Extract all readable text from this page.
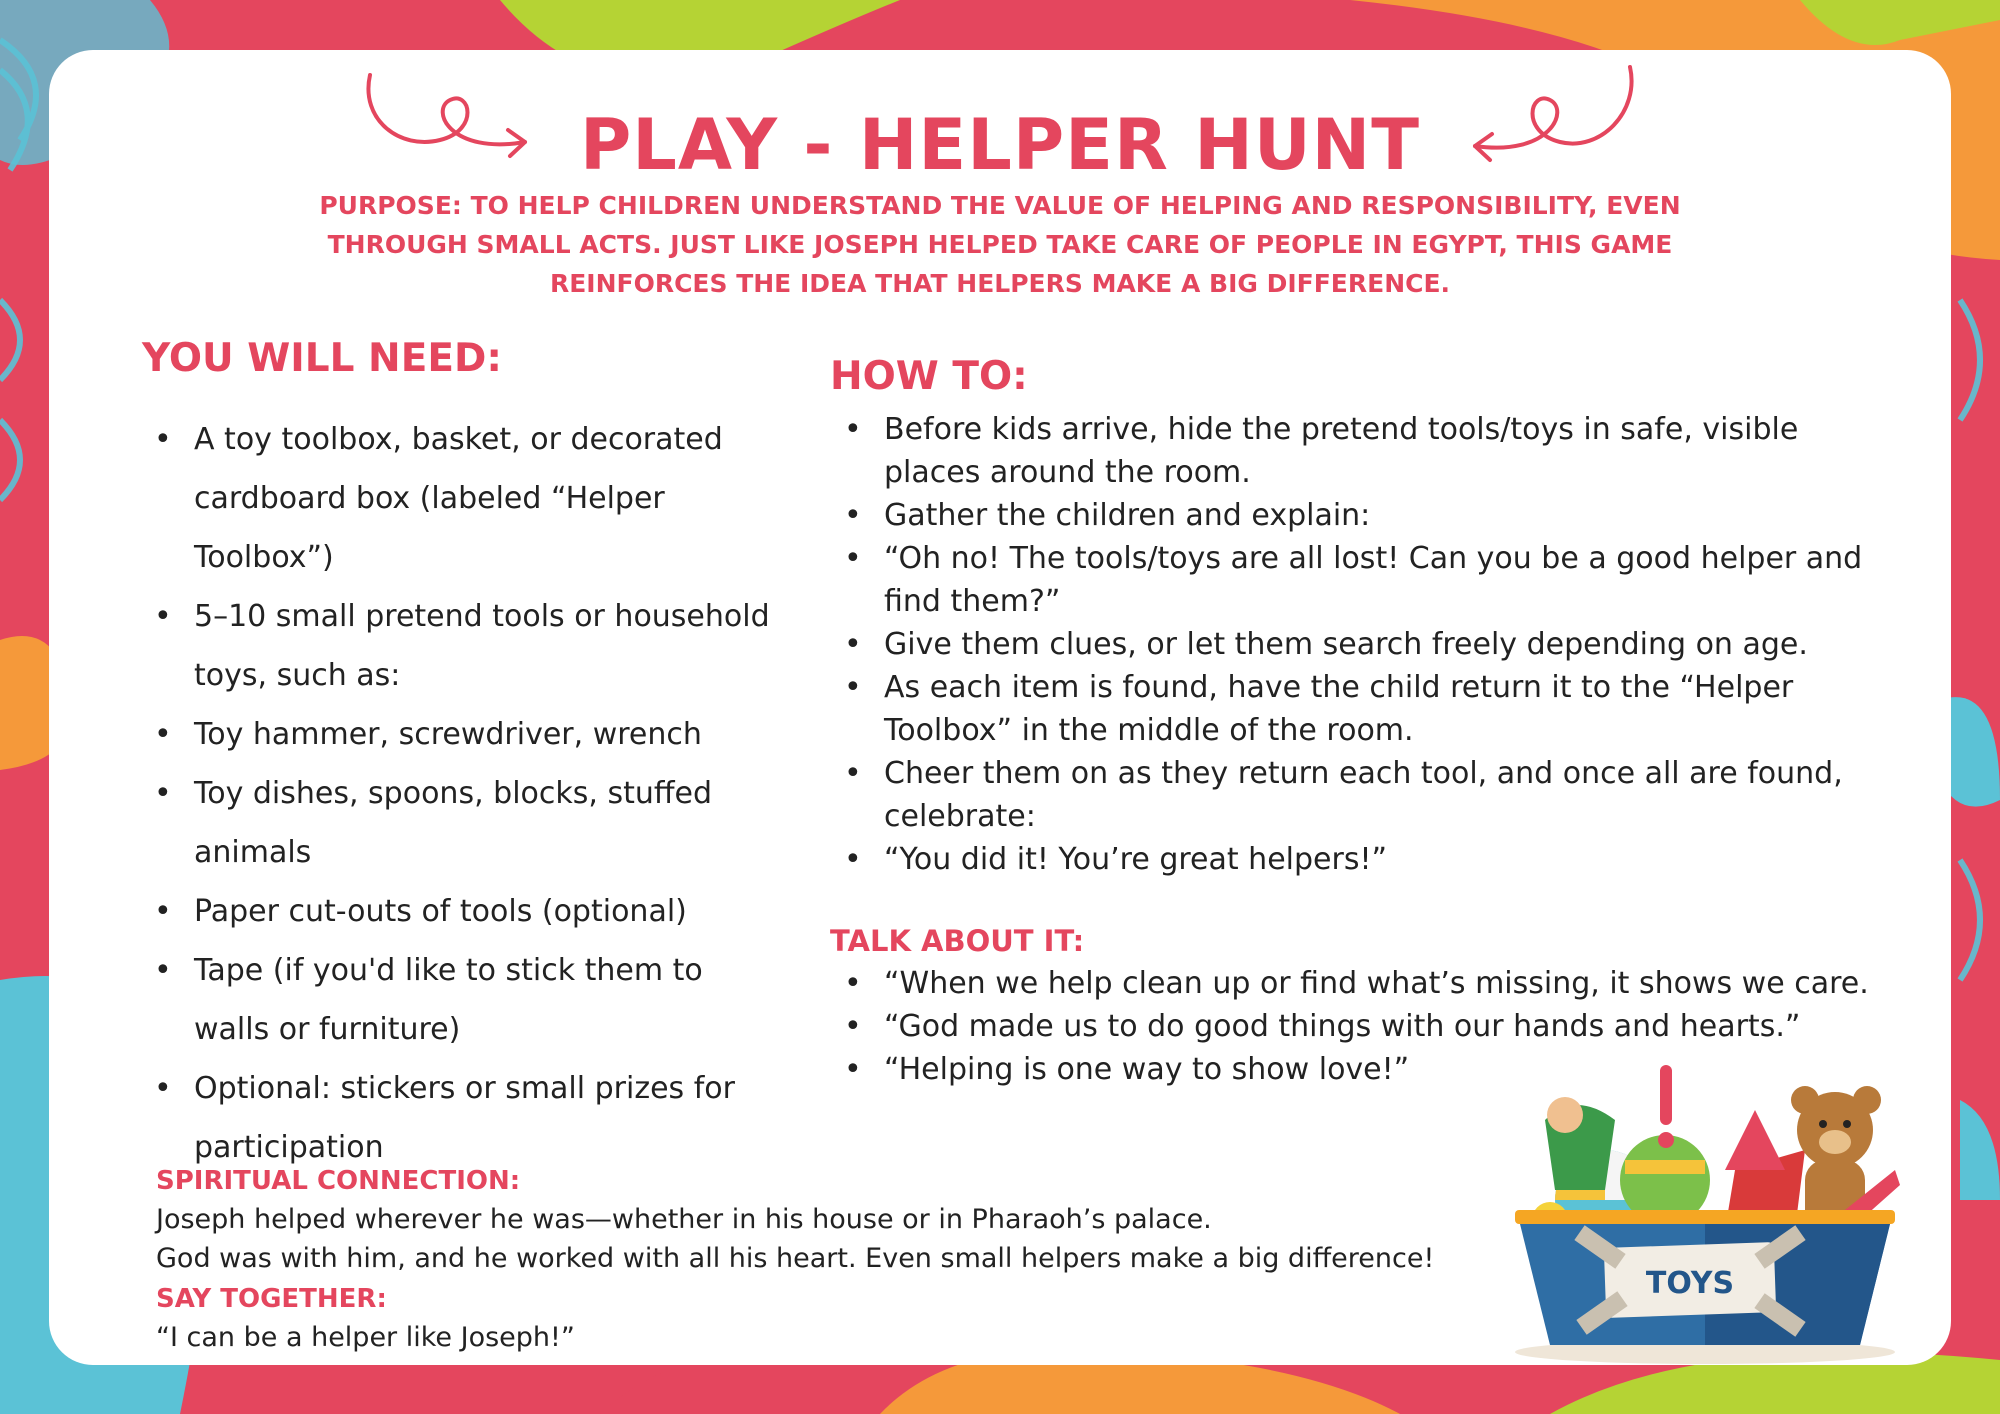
PLAY - HELPER HUNT

PURPOSE: TO HELP CHILDREN UNDERSTAND THE VALUE OF HELPING AND RESPONSIBILITY, EVEN THROUGH SMALL ACTS. JUST LIKE JOSEPH HELPED TAKE CARE OF PEOPLE IN EGYPT, THIS GAME REINFORCES THE IDEA THAT HELPERS MAKE A BIG DIFFERENCE.

YOU WILL NEED:
• A toy toolbox, basket, or decorated cardboard box (labeled “Helper Toolbox”)
• 5–10 small pretend tools or household toys, such as:
• Toy hammer, screwdriver, wrench
• Toy dishes, spoons, blocks, stuffed animals
• Paper cut-outs of tools (optional)
• Tape (if you'd like to stick them to walls or furniture)
• Optional: stickers or small prizes for participation
HOW TO:
• Before kids arrive, hide the pretend tools/toys in safe, visible places around the room.
• Gather the children and explain:
• “Oh no! The tools/toys are all lost! Can you be a good helper and find them?”
• Give them clues, or let them search freely depending on age.
• As each item is found, have the child return it to the “Helper Toolbox” in the middle of the room.
• Cheer them on as they return each tool, and once all are found, celebrate:
• “You did it! You’re great helpers!”
TALK ABOUT IT:
• “When we help clean up or find what’s missing, it shows we care.
• “God made us to do good things with our hands and hearts.”
• “Helping is one way to show love!”
SPIRITUAL CONNECTION:

Joseph helped wherever he was—whether in his house or in Pharaoh’s palace.

God was with him, and he worked with all his heart. Even small helpers make a big difference!

SAY TOGETHER:

“I can be a helper like Joseph!”

TOYS
